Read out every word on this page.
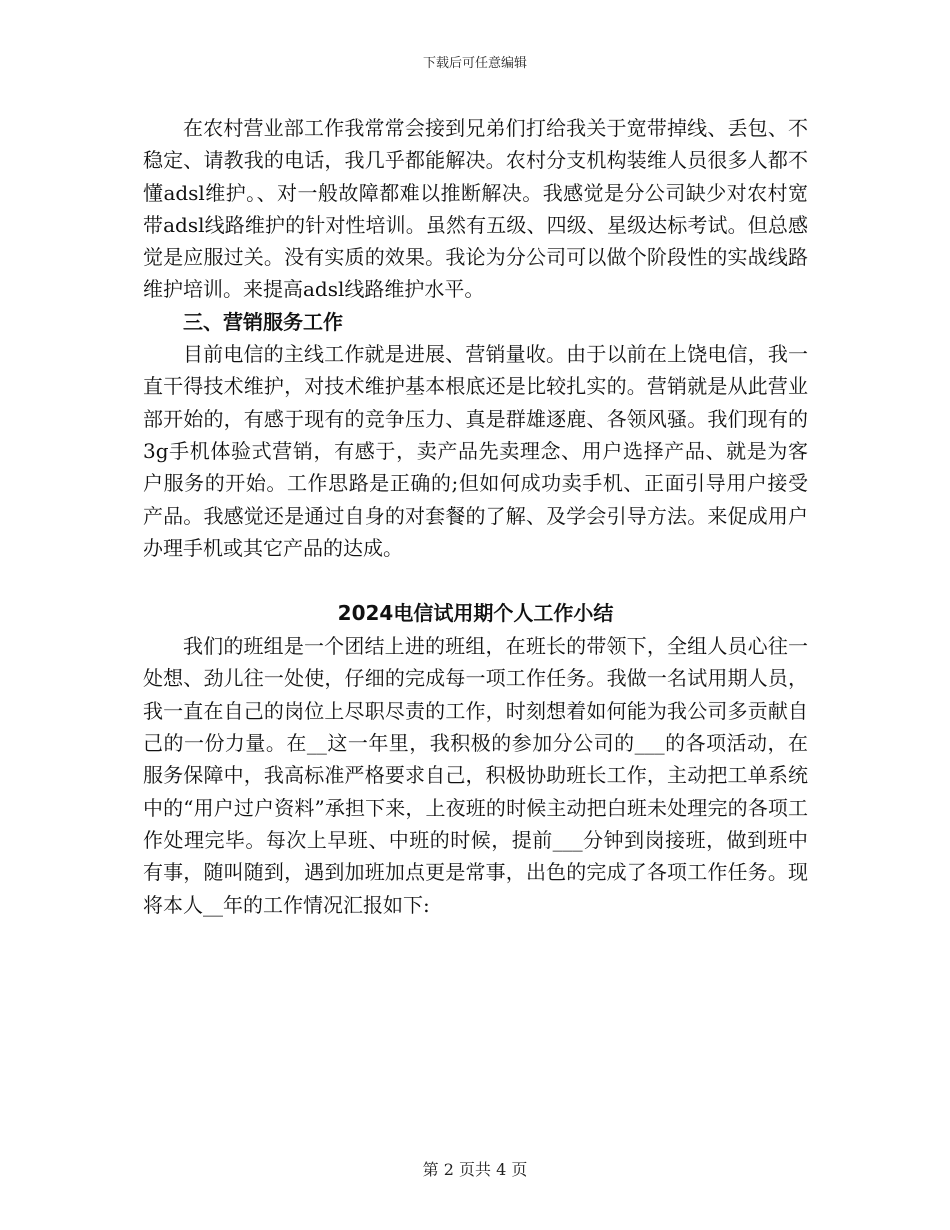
下载后可任意编辑

在农村营业部工作我常常会接到兄弟们打给我关于宽带掉线、丢包、不稳定、请教我的电话，我几乎都能解决。农村分支机构装维人员很多人都不懂adsl维护。、对一般故障都难以推断解决。我感觉是分公司缺少对农村宽带adsl线路维护的针对性培训。虽然有五级、四级、星级达标考试。但总感觉是应服过关。没有实质的效果。我论为分公司可以做个阶段性的实战线路维护培训。来提高adsl线路维护水平。

三、营销服务工作

目前电信的主线工作就是进展、营销量收。由于以前在上饶电信，我一直干得技术维护，对技术维护基本根底还是比较扎实的。营销就是从此营业部开始的，有感于现有的竞争压力、真是群雄逐鹿、各领风骚。我们现有的3g手机体验式营销，有感于，卖产品先卖理念、用户选择产品、就是为客户服务的开始。工作思路是正确的;但如何成功卖手机、正面引导用户接受产品。我感觉还是通过自身的对套餐的了解、及学会引导方法。来促成用户办理手机或其它产品的达成。

2024电信试用期个人工作小结

我们的班组是一个团结上进的班组，在班长的带领下，全组人员心往一处想、劲儿往一处使，仔细的完成每一项工作任务。我做一名试用期人员，我一直在自己的岗位上尽职尽责的工作，时刻想着如何能为我公司多贡献自己的一份力量。在__这一年里，我积极的参加分公司的___的各项活动，在服务保障中，我高标准严格要求自己，积极协助班长工作，主动把工单系统中的“用户过户资料”承担下来，上夜班的时候主动把白班未处理完的各项工作处理完毕。每次上早班、中班的时候，提前___分钟到岗接班，做到班中有事，随叫随到，遇到加班加点更是常事，出色的完成了各项工作任务。现将本人__年的工作情况汇报如下:

第 2 页共 4 页
